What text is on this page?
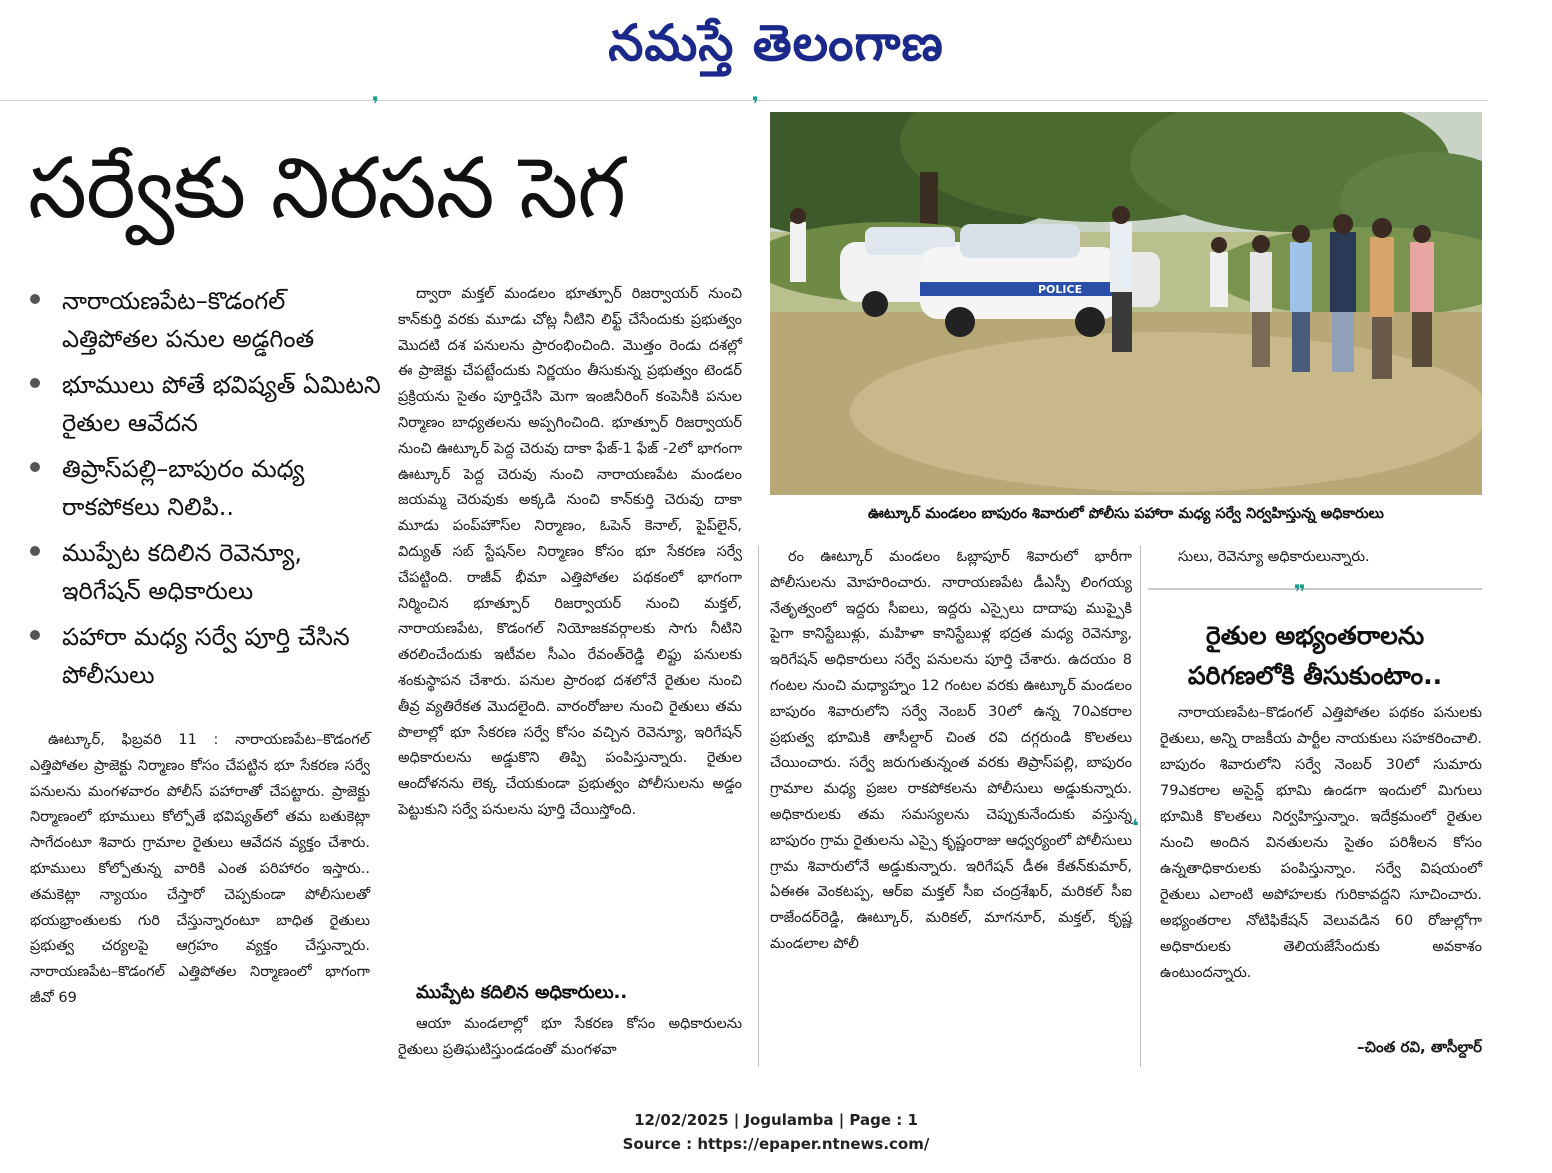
నమస్తే తెలంగాణ
❜	❜
సర్వేకు నిరసన సెగ
నారాయణపేట–కొడంగల్ ఎత్తిపోతల పనుల అడ్డగింత
భూములు పోతే భవిష్యత్ ఏమిటని రైతుల ఆవేదన
తిప్రాస్‌పల్లి–బాపురం మధ్య రాకపోకలు నిలిపి..
ముప్పేట కదిలిన రెవెన్యూ, ఇరిగేషన్ అధికారులు
పహారా మధ్య సర్వే పూర్తి చేసిన పోలీసులు

ఊట్కూర్, ఫిబ్రవరి 11 : నారాయణపేట–కొడంగల్ ఎత్తిపోతల ప్రాజెక్టు నిర్మాణం కోసం చేపట్టిన భూ సేకరణ సర్వే పనులను మంగళవారం పోలీస్ పహారాతో చేపట్టారు. ప్రాజెక్టు నిర్మాణంలో భూములు కోల్పోతే భవిష్యత్‌లో తమ బతుకెట్లా సాగేదంటూ శివారు గ్రామాల రైతులు ఆవేదన వ్యక్తం చేశారు. భూములు కోల్పోతున్న వారికి ఎంత పరిహారం ఇస్తారు.. తమకెట్లా న్యాయం చేస్తారో చెప్పకుండా పోలీసులతో భయభ్రాంతులకు గురి చేస్తున్నారంటూ బాధిత రైతులు ప్రభుత్వ చర్యలపై ఆగ్రహం వ్యక్తం చేస్తున్నారు. నారాయణపేట–కొడంగల్ ఎత్తిపోతల నిర్మాణంలో భాగంగా జీవో 69

ద్వారా మక్తల్ మండలం భూత్పూర్ రిజర్వాయర్ నుంచి కాన్‌కుర్తి వరకు మూడు చోట్ల నీటిని లిఫ్ట్ చేసేందుకు ప్రభుత్వం మొదటి దశ పనులను ప్రారంభించింది. మొత్తం రెండు దశల్లో ఈ ప్రాజెక్టు చేపట్టేందుకు నిర్ణయం తీసుకున్న ప్రభుత్వం టెండర్ ప్రక్రియను సైతం పూర్తిచేసి మెగా ఇంజినీరింగ్ కంపెనీకి పనుల నిర్మాణం బాధ్యతలను అప్పగించింది. భూత్పూర్ రిజర్వాయర్ నుంచి ఊట్కూర్ పెద్ద చెరువు దాకా ఫేజ్-1 ఫేజ్ -2లో భాగంగా ఊట్కూర్ పెద్ద చెరువు నుంచి నారాయణపేట మండలం జయమ్మ చెరువుకు అక్కడి నుంచి కాన్‌కుర్తి చెరువు దాకా మూడు పంప్‌హౌస్‌ల నిర్మాణం, ఓపెన్ కెనాల్, పైప్‌లైన్, విద్యుత్ సబ్ స్టేషన్‌ల నిర్మాణం కోసం భూ సేకరణ సర్వే చేపట్టింది. రాజీవ్ భీమా ఎత్తిపోతల పథకంలో భాగంగా నిర్మించిన భూత్పూర్ రిజర్వాయర్ నుంచి మక్తల్, నారాయణపేట, కొడంగల్ నియోజకవర్గాలకు సాగు నీటిని తరలించేందుకు ఇటీవల సీఎం రేవంత్‌రెడ్డి లిఫ్టు పనులకు శంకుస్థాపన చేశారు. పనుల ప్రారంభ దశలోనే రైతుల నుంచి తీవ్ర వ్యతిరేకత మొదలైంది. వారంరోజుల నుంచి రైతులు తమ పొలాల్లో భూ సేకరణ సర్వే కోసం వచ్చిన రెవెన్యూ, ఇరిగేషన్ అధికారులను అడ్డుకొని తిప్పి పంపిస్తున్నారు. రైతుల ఆందోళనను లెక్క చేయకుండా ప్రభుత్వం పోలీసులను అడ్డం పెట్టుకుని సర్వే పనులను పూర్తి చేయిస్తోంది.

ముప్పేట కదిలిన అధికారులు..

ఆయా మండలాల్లో భూ సేకరణ కోసం అధికారులను రైతులు ప్రతిఘటిస్తుండడంతో మంగళవా

రం ఊట్కూర్ మండలం ఓబ్లాపూర్ శివారులో భారీగా పోలీసులను మోహరించారు. నారాయణపేట డీఎస్పీ లింగయ్య నేతృత్వంలో ఇద్దరు సీఐలు, ఇద్దరు ఎస్సైలు దాదాపు ముప్పైకి పైగా కానిస్టేబుళ్లు, మహిళా కానిస్టేబుళ్ల భద్రత మధ్య రెవెన్యూ, ఇరిగేషన్ అధికారులు సర్వే పనులను పూర్తి చేశారు. ఉదయం 8 గంటల నుంచి మధ్యాహ్నం 12 గంటల వరకు ఊట్కూర్ మండలం బాపురం శివారులోని సర్వే నెంబర్ 30లో ఉన్న 70ఎకరాల ప్రభుత్వ భూమికి తాసీల్దార్ చింత రవి దగ్గరుండి కొలతలు చేయించారు. సర్వే జరుగుతున్నంత వరకు తిప్రాస్‌పల్లి, బాపురం గ్రామాల మధ్య ప్రజల రాకపోకలను పోలీసులు అడ్డుకున్నారు. అధికారులకు తమ సమస్యలను చెప్పుకునేందుకు వస్తున్న బాపురం గ్రామ రైతులను ఎస్సై కృష్ణంరాజు ఆధ్వర్యంలో పోలీసులు గ్రామ శివారులోనే అడ్డుకున్నారు. ఇరిగేషన్ డీఈ కేతన్‌కుమార్, ఏఈఈ వెంకటప్ప, ఆర్ఐ మక్తల్ సీఐ చంద్రశేఖర్, మరికల్ సీఐ రాజేందర్‌రెడ్డి, ఊట్కూర్, మరికల్, మాగనూర్, మక్తల్, కృష్ణ మండలాల పోలీ

సులు, రెవెన్యూ అధికారులున్నారు.

POLICE
ఊట్కూర్ మండలం బాపురం శివారులో పోలీసు పహారా మధ్య సర్వే నిర్వహిస్తున్న అధికారులు
❞
రైతుల అభ్యంతరాలను
పరిగణలోకి తీసుకుంటాం..
❛

నారాయణపేట–కొడంగల్ ఎత్తిపోతల పథకం పనులకు రైతులు, అన్ని రాజకీయ పార్టీల నాయకులు సహకరించాలి. బాపురం శివారులోని సర్వే నెంబర్ 30లో సుమారు 79ఎకరాల అసైన్డ్ భూమి ఉండగా ఇందులో మిగులు భూమికి కొలతలు నిర్వహిస్తున్నాం. ఇదేక్రమంలో రైతుల నుంచి అందిన వినతులను సైతం పరిశీలన కోసం ఉన్నతాధికారులకు పంపిస్తున్నాం. సర్వే విషయంలో రైతులు ఎలాంటి అపోహలకు గురికావద్దని సూచించారు. అభ్యంతరాల నోటిఫికేషన్ వెలువడిన 60 రోజుల్లోగా అధికారులకు తెలియజేసేందుకు అవకాశం ఉంటుందన్నారు.

–చింత రవి, తాసీల్దార్
12/02/2025 | Jogulamba | Page : 1
Source : https://epaper.ntnews.com/
